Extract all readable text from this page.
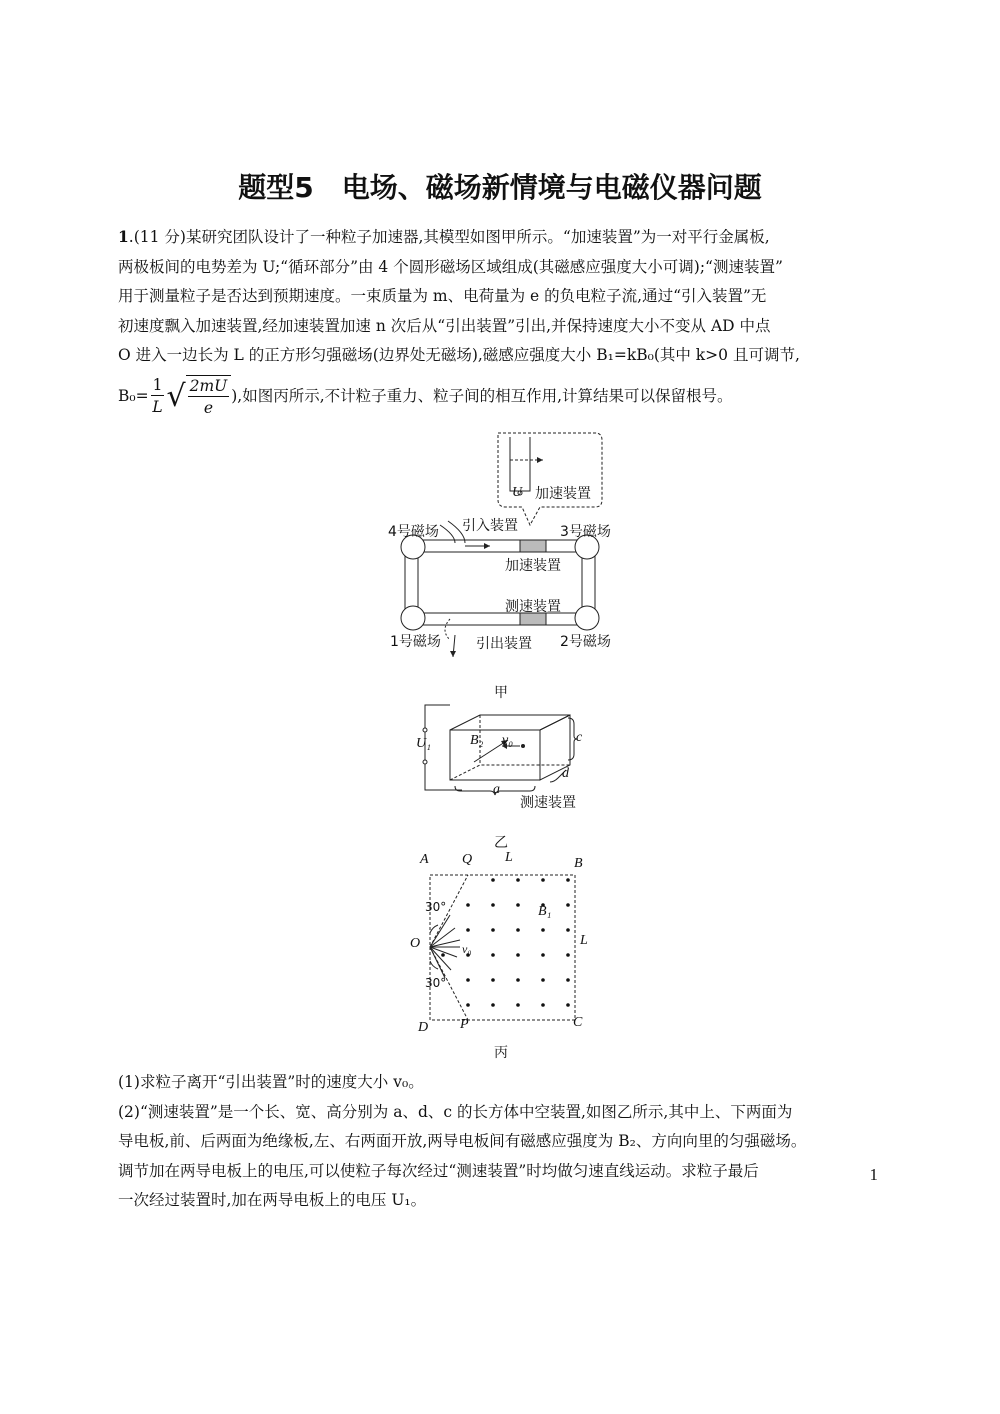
题型5　电场、磁场新情境与电磁仪器问题
1.(11 分)某研究团队设计了一种粒子加速器,其模型如图甲所示。“加速装置”为一对平行金属板,
两极板间的电势差为 U;“循环部分”由 4 个圆形磁场区域组成(其磁感应强度大小可调);“测速装置”
用于测量粒子是否达到预期速度。一束质量为 m、电荷量为 e 的负电粒子流,通过“引入装置”无
初速度飘入加速装置,经加速装置加速 n 次后从“引出装置”引出,并保持速度大小不变从 AD 中点
O 进入一边长为 L 的正方形匀强磁场(边界处无磁场),磁感应强度大小 B₁=kB₀(其中 k>0 且可调节,
$B_0= \frac{1}{L}$ √ $\frac{2mU}{e}$ ),如图丙所示,不计粒子重力、粒子间的相互作用,计算结果可以保留根号。
加速装置
U
4号磁场 引入装置	3号磁场
加速装置
测速装置
1号磁场	引出装置 2号磁场
甲
U₁	B₂ v₀	c
d
a
测速装置
乙
A Q L	B
30°	B₁
O	v₀
L
30°
D P	C
丙
(1)求粒子离开“引出装置”时的速度大小 v₀。
(2)“测速装置”是一个长、宽、高分别为 a、d、c 的长方体中空装置,如图乙所示,其中上、下两面为
导电板,前、后两面为绝缘板,左、右两面开放,两导电板间有磁感应强度为 B₂、方向向里的匀强磁场。
调节加在两导电板上的电压,可以使粒子每次经过“测速装置”时均做匀速直线运动。求粒子最后
一次经过装置时,加在两导电板上的电压 U₁。
1
